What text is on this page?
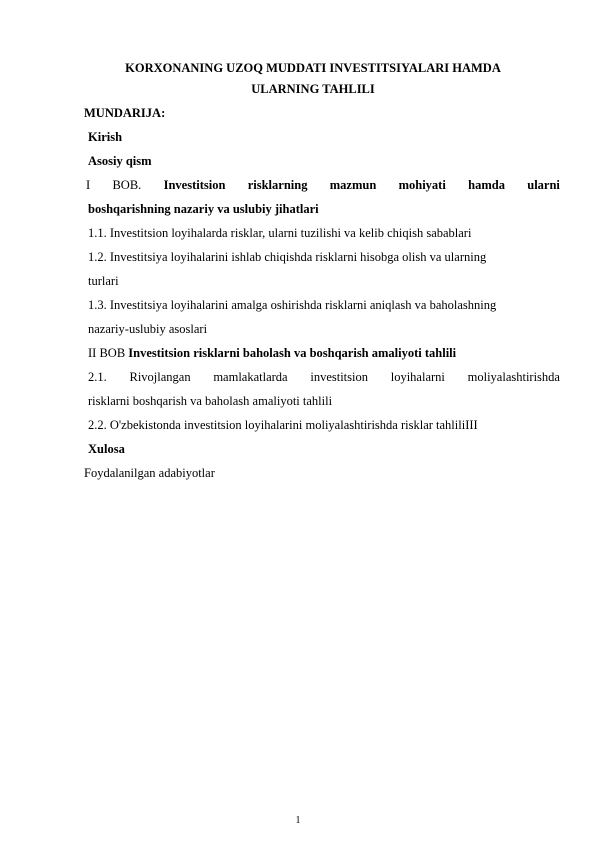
KORXONANING UZOQ MUDDATI INVESTITSIYALARI HAMDA
ULARNING TAHLILI
MUNDARIJA:
Kirish
Asosiy qism
I BOB. Investitsion risklarning mazmun mohiyati hamda ularni
boshqarishning nazariy va uslubiy jihatlari
1.1. Investitsion loyihalarda risklar, ularni tuzilishi va kelib chiqish sabablari
1.2. Investitsiya loyihalarini ishlab chiqishda risklarni hisobga olish va ularning
turlari
1.3. Investitsiya loyihalarini amalga oshirishda risklarni aniqlash va baholashning
nazariy-uslubiy asoslari
II BOB Investitsion risklarni baholash va boshqarish amaliyoti tahlili
2.1. Rivojlangan mamlakatlarda investitsion loyihalarni moliyalashtirishda
risklarni boshqarish va baholash amaliyoti tahlili
2.2. O'zbekistonda investitsion loyihalarini moliyalashtirishda risklar tahliliIII
Xulosa
Foydalanilgan adabiyotlar
1
